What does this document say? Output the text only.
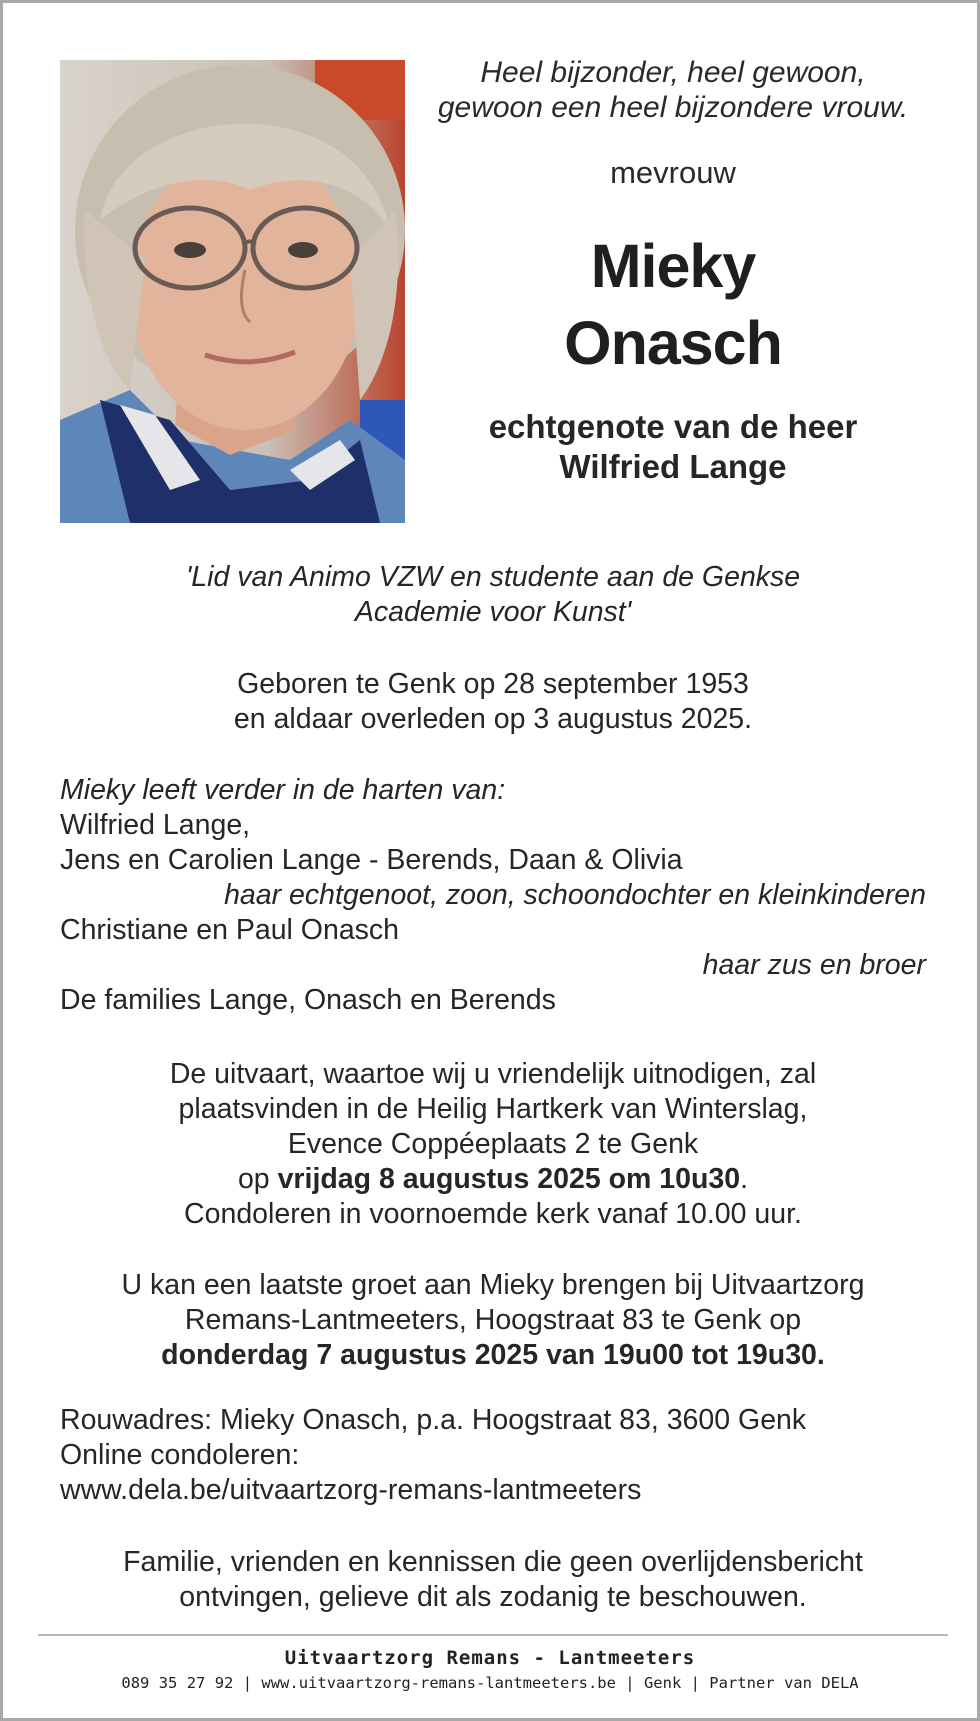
Heel bijzonder, heel gewoon,
gewoon een heel bijzondere vrouw.
mevrouw
Mieky
Onasch
echtgenote van de heer
Wilfried Lange
'Lid van Animo VZW en studente aan de Genkse
Academie voor Kunst'
Geboren te Genk op 28 september 1953
en aldaar overleden op 3 augustus 2025.
Mieky leeft verder in de harten van:
Wilfried Lange,
Jens en Carolien Lange - Berends, Daan & Olivia
haar echtgenoot, zoon, schoondochter en kleinkinderen
Christiane en Paul Onasch
haar zus en broer
De families Lange, Onasch en Berends
De uitvaart, waartoe wij u vriendelijk uitnodigen, zal
plaatsvinden in de Heilig Hartkerk van Winterslag,
Evence Coppéeplaats 2 te Genk
op vrijdag 8 augustus 2025 om 10u30.
Condoleren in voornoemde kerk vanaf 10.00 uur.
U kan een laatste groet aan Mieky brengen bij Uitvaartzorg
Remans-Lantmeeters, Hoogstraat 83 te Genk op
donderdag 7 augustus 2025 van 19u00 tot 19u30.
Rouwadres: Mieky Onasch, p.a. Hoogstraat 83, 3600 Genk
Online condoleren:
www.dela.be/uitvaartzorg-remans-lantmeeters
Familie, vrienden en kennissen die geen overlijdensbericht
ontvingen, gelieve dit als zodanig te beschouwen.
Uitvaartzorg Remans - Lantmeeters
089 35 27 92 | www.uitvaartzorg-remans-lantmeeters.be | Genk | Partner van DELA
